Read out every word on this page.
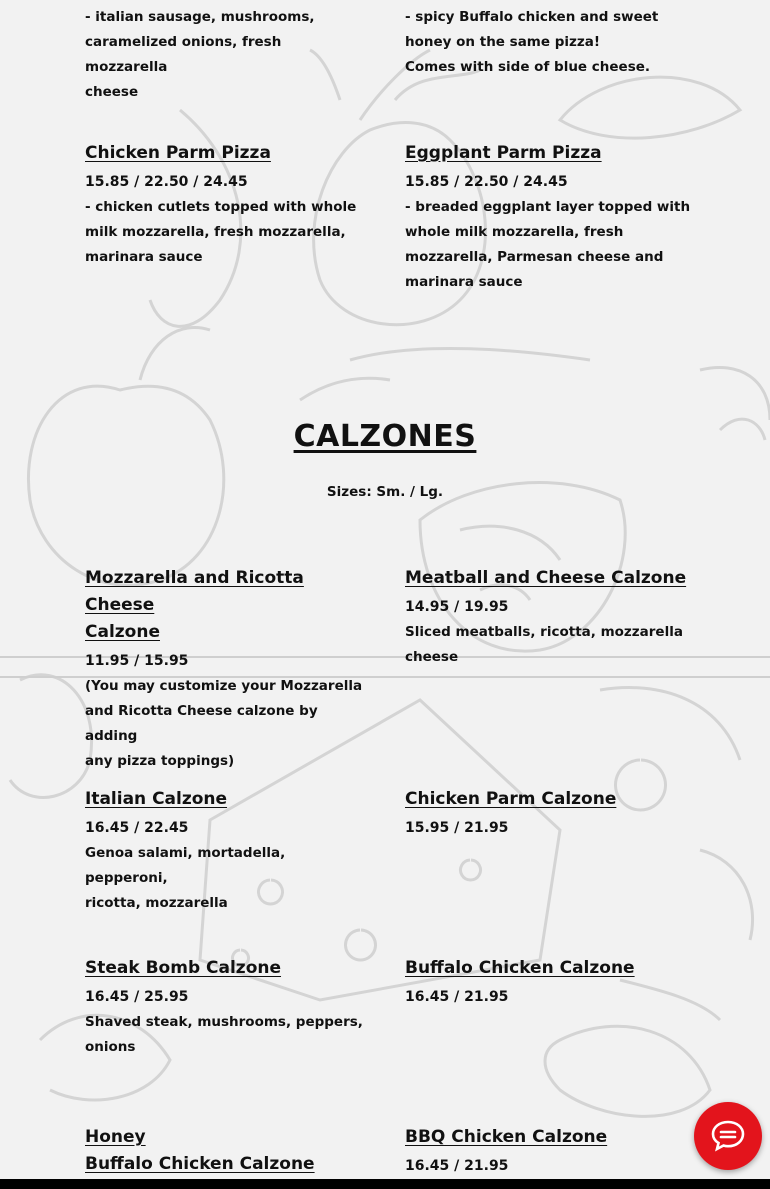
- italian sausage, mushrooms,
caramelized onions, fresh mozzarella
cheese
- spicy Buffalo chicken and sweet
honey on the same pizza!
Comes with side of blue cheese.
Chicken Parm Pizza
15.85 / 22.50 / 24.45
- chicken cutlets topped with whole
milk mozzarella, fresh mozzarella,
marinara sauce
Eggplant Parm Pizza
15.85 / 22.50 / 24.45
- breaded eggplant layer topped with
whole milk mozzarella, fresh
mozzarella, Parmesan cheese and
marinara sauce
CALZONES
Sizes: Sm. / Lg.
Mozzarella and Ricotta Cheese
Calzone
11.95 / 15.95
(You may customize your Mozzarella
and Ricotta Cheese calzone by adding
any pizza toppings)
Meatball and Cheese Calzone
14.95 / 19.95
Sliced meatballs, ricotta, mozzarella
cheese
Italian Calzone
16.45 / 22.45
Genoa salami, mortadella, pepperoni,
ricotta, mozzarella
Chicken Parm Calzone
15.95 / 21.95
Steak Bomb Calzone
16.45 / 25.95
Shaved steak, mushrooms, peppers,
onions
Buffalo Chicken Calzone
16.45 / 21.95
Honey
Buffalo Chicken Calzone
BBQ Chicken Calzone
16.45 / 21.95
